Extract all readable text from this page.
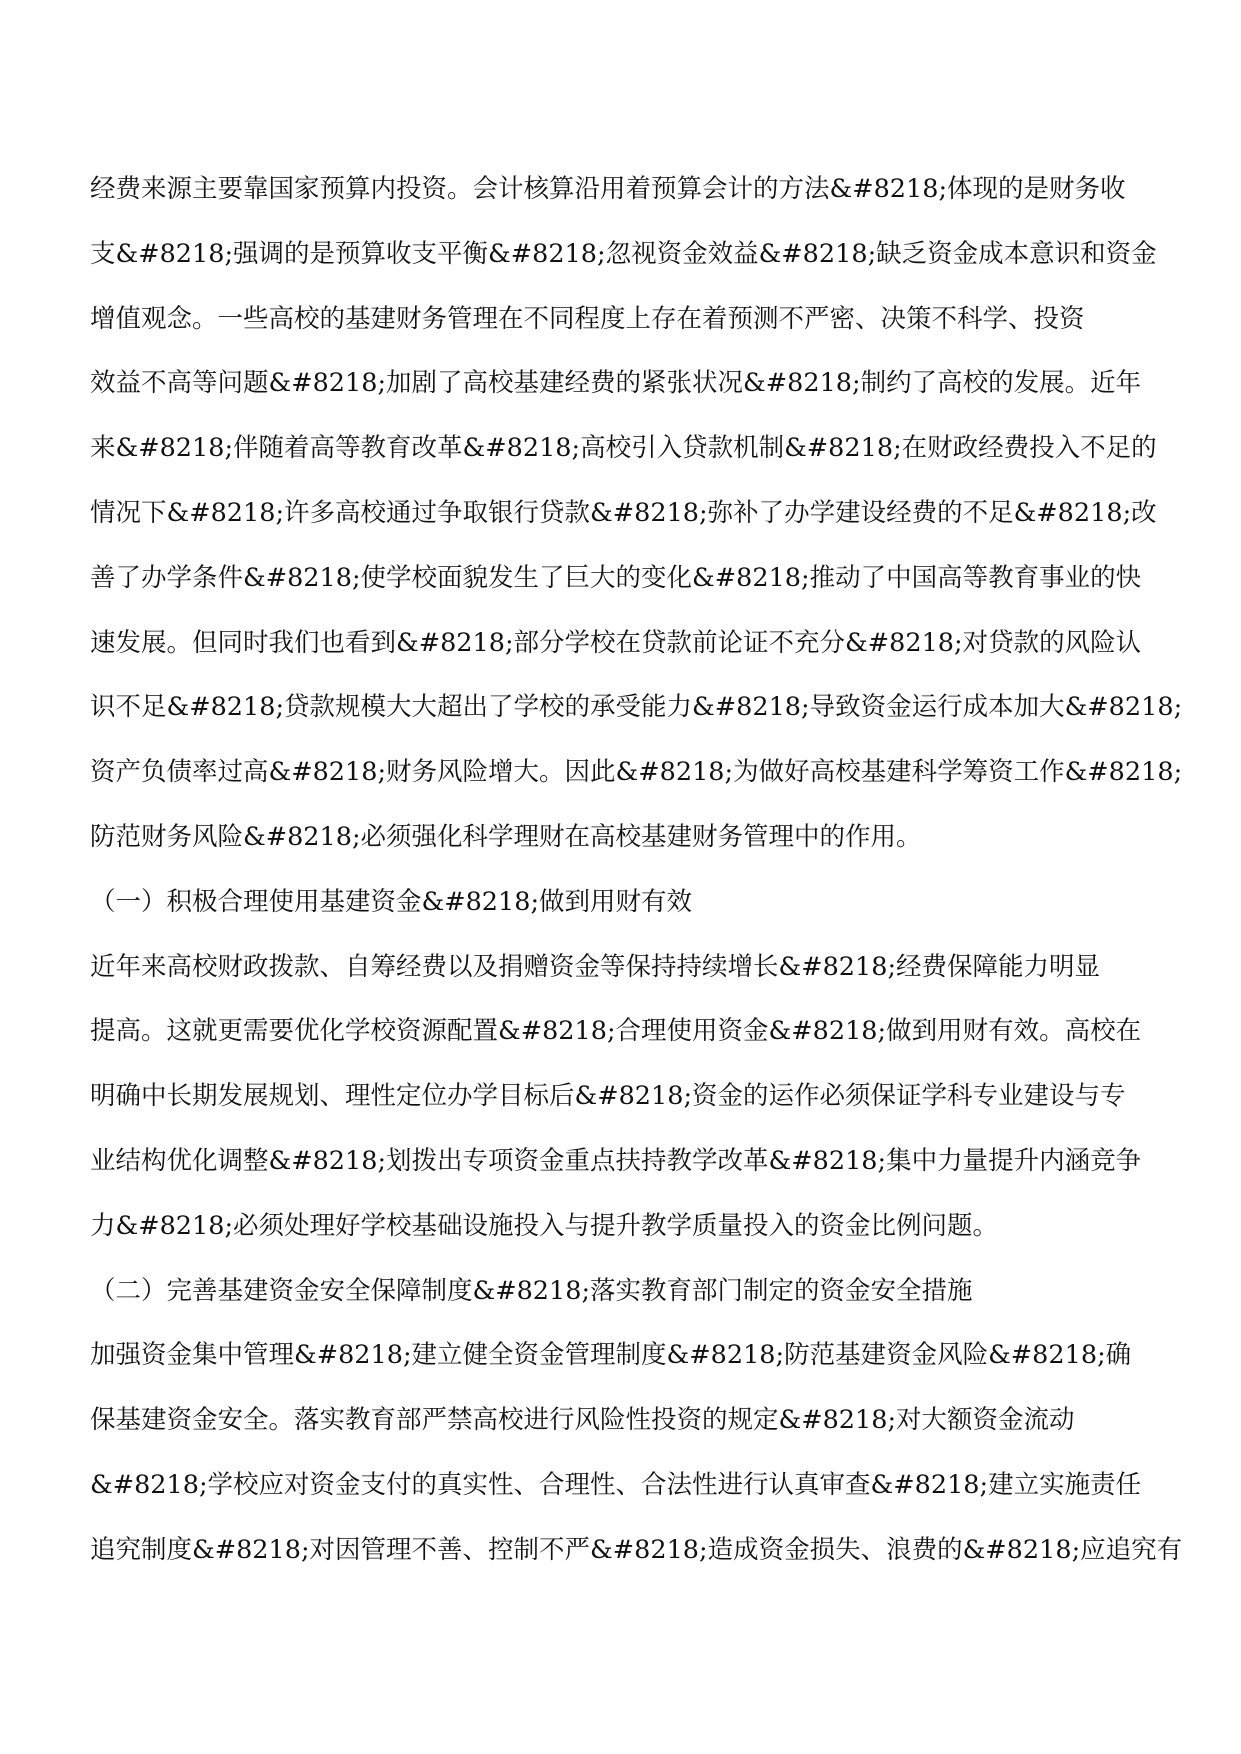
经费来源主要靠国家预算内投资。会计核算沿用着预算会计的方法&#8218;体现的是财务收
支&#8218;强调的是预算收支平衡&#8218;忽视资金效益&#8218;缺乏资金成本意识和资金
增值观念。一些高校的基建财务管理在不同程度上存在着预测不严密、决策不科学、投资
效益不高等问题&#8218;加剧了高校基建经费的紧张状况&#8218;制约了高校的发展。近年
来&#8218;伴随着高等教育改革&#8218;高校引入贷款机制&#8218;在财政经费投入不足的
情况下&#8218;许多高校通过争取银行贷款&#8218;弥补了办学建设经费的不足&#8218;改
善了办学条件&#8218;使学校面貌发生了巨大的变化&#8218;推动了中国高等教育事业的快
速发展。但同时我们也看到&#8218;部分学校在贷款前论证不充分&#8218;对贷款的风险认
识不足&#8218;贷款规模大大超出了学校的承受能力&#8218;导致资金运行成本加大&#8218;
资产负债率过高&#8218;财务风险增大。因此&#8218;为做好高校基建科学筹资工作&#8218;
防范财务风险&#8218;必须强化科学理财在高校基建财务管理中的作用。
（一）积极合理使用基建资金&#8218;做到用财有效
近年来高校财政拨款、自筹经费以及捐赠资金等保持持续增长&#8218;经费保障能力明显
提高。这就更需要优化学校资源配置&#8218;合理使用资金&#8218;做到用财有效。高校在
明确中长期发展规划、理性定位办学目标后&#8218;资金的运作必须保证学科专业建设与专
业结构优化调整&#8218;划拨出专项资金重点扶持教学改革&#8218;集中力量提升内涵竞争
力&#8218;必须处理好学校基础设施投入与提升教学质量投入的资金比例问题。
（二）完善基建资金安全保障制度&#8218;落实教育部门制定的资金安全措施
加强资金集中管理&#8218;建立健全资金管理制度&#8218;防范基建资金风险&#8218;确
保基建资金安全。落实教育部严禁高校进行风险性投资的规定&#8218;对大额资金流动
&#8218;学校应对资金支付的真实性、合理性、合法性进行认真审查&#8218;建立实施责任
追究制度&#8218;对因管理不善、控制不严&#8218;造成资金损失、浪费的&#8218;应追究有
